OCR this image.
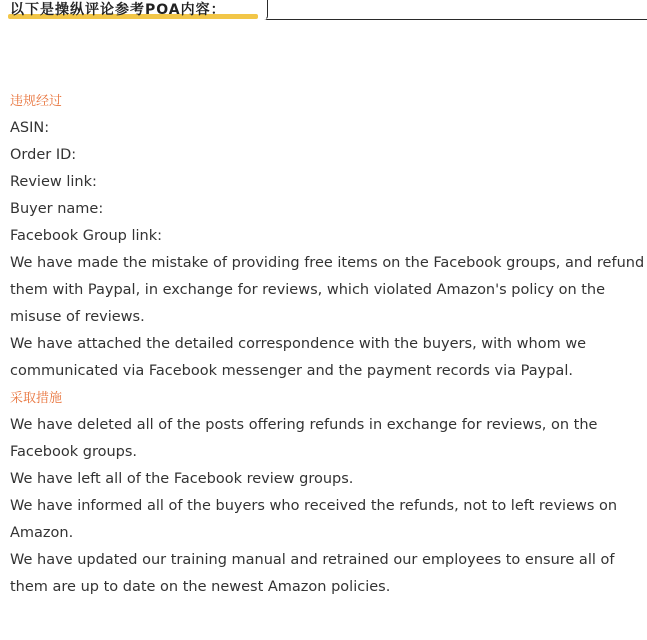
以下是操纵评论参考POA内容：
违规经过
ASIN:
Order ID:
Review link:
Buyer name:
Facebook Group link:
We have made the mistake of providing free items on the Facebook groups, and refund
them with Paypal, in exchange for reviews, which violated Amazon's policy on the
misuse of reviews.
We have attached the detailed correspondence with the buyers, with whom we
communicated via Facebook messenger and the payment records via Paypal.
采取措施
We have deleted all of the posts offering refunds in exchange for reviews, on the
Facebook groups.
We have left all of the Facebook review groups.
We have informed all of the buyers who received the refunds, not to left reviews on
Amazon.
We have updated our training manual and retrained our employees to ensure all of
them are up to date on the newest Amazon policies.
